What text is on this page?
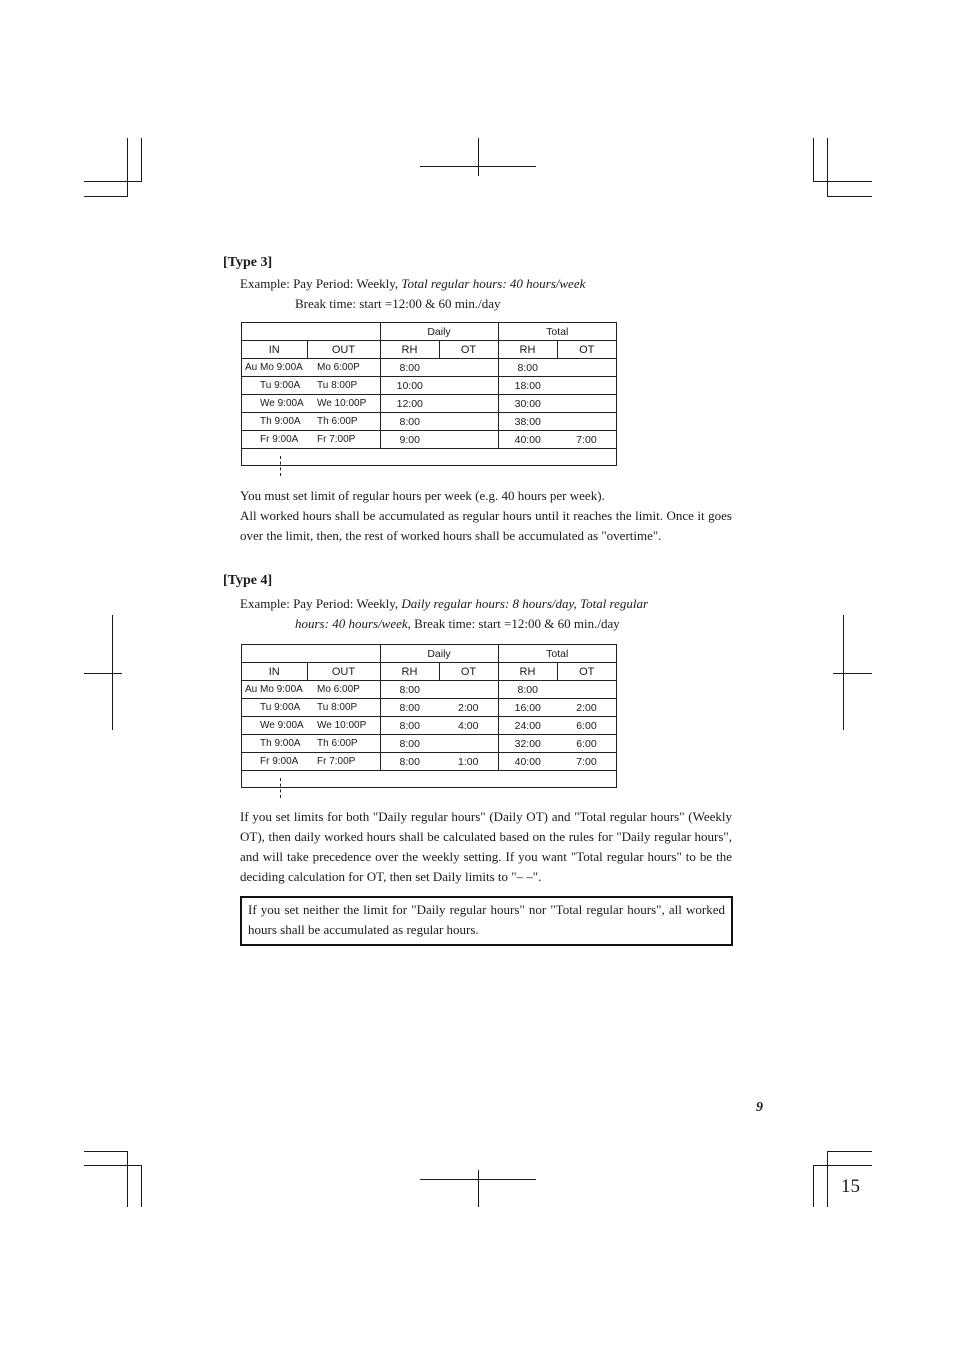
[Type 3]
Example: Pay Period: Weekly, Total regular hours: 40 hours/week
Break time: start =12:00 & 60 min./day
		Daily		Total	
IN	OUT	RH	OT	RH	OT
Au Mo 9:00A	Mo 6:00P	8:00		8:00	
Tu 9:00A	Tu 8:00P	10:00		18:00	
We 9:00A	We 10:00P	12:00		30:00	
Th 9:00A	Th 6:00P	8:00		38:00	
Fr 9:00A	Fr 7:00P	9:00		40:00	7:00

You must set limit of regular hours per week (e.g. 40 hours per week).

All worked hours shall be accumulated as regular hours until it reaches the limit. Once it goes over the limit, then, the rest of worked hours shall be accumulated as "overtime".

[Type 4]
Example: Pay Period: Weekly, Daily regular hours: 8 hours/day, Total regular
hours: 40 hours/week, Break time: start =12:00 & 60 min./day
		Daily		Total	
IN	OUT	RH	OT	RH	OT
Au Mo 9:00A	Mo 6:00P	8:00		8:00	
Tu 9:00A	Tu 8:00P	8:00	2:00	16:00	2:00
We 9:00A	We 10:00P	8:00	4:00	24:00	6:00
Th 9:00A	Th 6:00P	8:00		32:00	6:00
Fr 9:00A	Fr 7:00P	8:00	1:00	40:00	7:00

If you set limits for both "Daily regular hours" (Daily OT) and "Total regular hours" (Weekly OT), then daily worked hours shall be calculated based on the rules for "Daily regular hours", and will take precedence over the weekly setting. If you want "Total regular hours" to be the deciding calculation for OT, then set Daily limits to "– –".
If you set neither the limit for "Daily regular hours" nor "Total regular hours", all worked hours shall be accumulated as regular hours.
9
15
